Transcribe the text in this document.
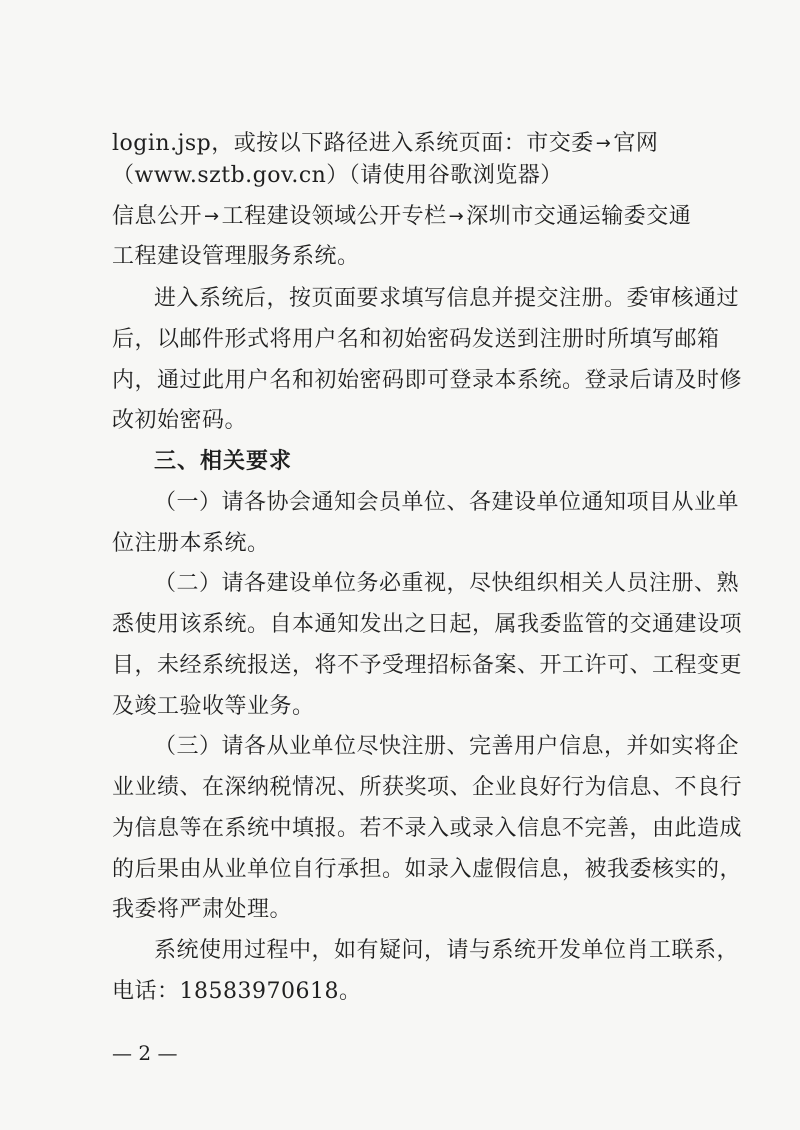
login.jsp，或按以下路径进入系统页面：市交委 →官网
（www.sztb.gov.cn）（请使用谷歌浏览器）
信息公开 →工程建设领域公开专栏 →深圳市交通运输委交通
工程建设管理服务系统。
进入系统后，按页面要求填写信息并提交注册。委审核通过
后，以邮件形式将用户名和初始密码发送到注册时所填写邮箱
内，通过此用户名和初始密码即可登录本系统。登录后请及时修
改初始密码。
三、相关要求
（一）请各协会通知会员单位、各建设单位通知项目从业单
位注册本系统。
（二）请各建设单位务必重视，尽快组织相关人员注册、熟
悉使用该系统。自本通知发出之日起，属我委监管的交通建设项
目，未经系统报送，将不予受理招标备案、开工许可、工程变更
及竣工验收等业务。
（三）请各从业单位尽快注册、完善用户信息，并如实将企
业业绩、在深纳税情况、所获奖项、企业良好行为信息、不良行
为信息等在系统中填报。若不录入或录入信息不完善，由此造成
的后果由从业单位自行承担。如录入虚假信息，被我委核实的，
我委将严肃处理。
系统使用过程中，如有疑问，请与系统开发单位肖工联系，
电话：18583970618。
— 2 —
